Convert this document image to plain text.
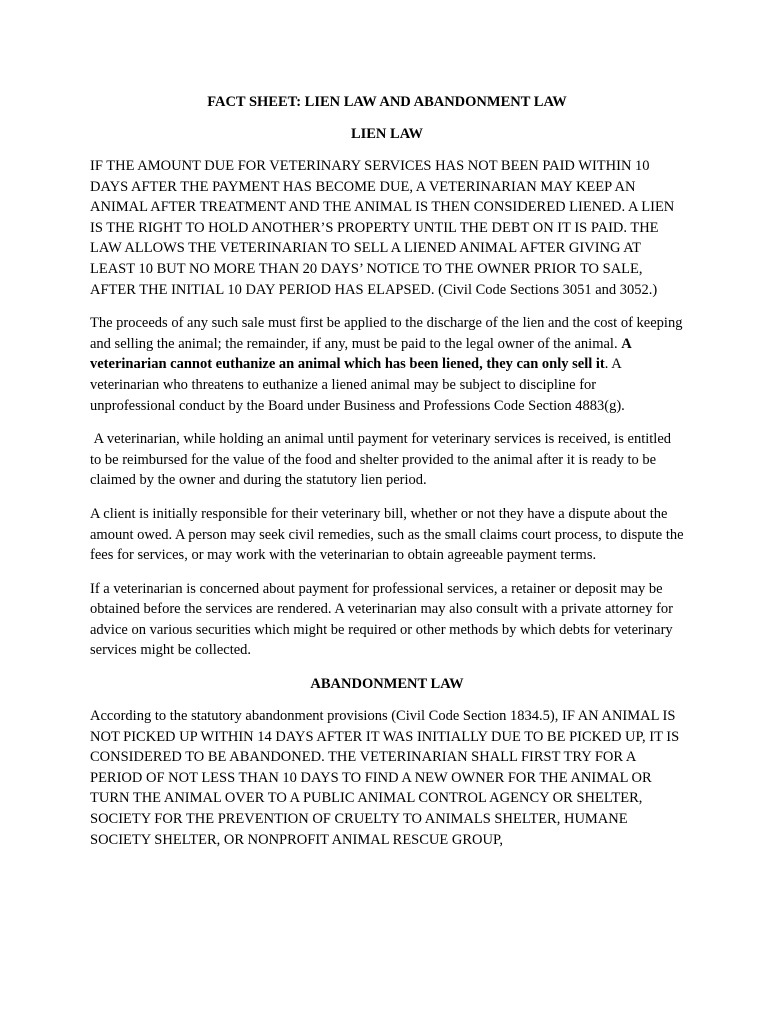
FACT SHEET: LIEN LAW AND ABANDONMENT LAW
LIEN LAW

IF THE AMOUNT DUE FOR VETERINARY SERVICES HAS NOT BEEN PAID WITHIN 10 DAYS AFTER THE PAYMENT HAS BECOME DUE, A VETERINARIAN MAY KEEP AN ANIMAL AFTER TREATMENT AND THE ANIMAL IS THEN CONSIDERED LIENED. A LIEN IS THE RIGHT TO HOLD ANOTHER’S PROPERTY UNTIL THE DEBT ON IT IS PAID. THE LAW ALLOWS THE VETERINARIAN TO SELL A LIENED ANIMAL AFTER GIVING AT LEAST 10 BUT NO MORE THAN 20 DAYS’ NOTICE TO THE OWNER PRIOR TO SALE, AFTER THE INITIAL 10 DAY PERIOD HAS ELAPSED. (Civil Code Sections 3051 and 3052.)

The proceeds of any such sale must first be applied to the discharge of the lien and the cost of keeping and selling the animal; the remainder, if any, must be paid to the legal owner of the animal. A veterinarian cannot euthanize an animal which has been liened, they can only sell it. A veterinarian who threatens to euthanize a liened animal may be subject to discipline for unprofessional conduct by the Board under Business and Professions Code Section 4883(g).

A veterinarian, while holding an animal until payment for veterinary services is received, is entitled to be reimbursed for the value of the food and shelter provided to the animal after it is ready to be claimed by the owner and during the statutory lien period.

A client is initially responsible for their veterinary bill, whether or not they have a dispute about the amount owed. A person may seek civil remedies, such as the small claims court process, to dispute the fees for services, or may work with the veterinarian to obtain agreeable payment terms.

If a veterinarian is concerned about payment for professional services, a retainer or deposit may be obtained before the services are rendered. A veterinarian may also consult with a private attorney for advice on various securities which might be required or other methods by which debts for veterinary services might be collected.

ABANDONMENT LAW

According to the statutory abandonment provisions (Civil Code Section 1834.5), IF AN ANIMAL IS NOT PICKED UP WITHIN 14 DAYS AFTER IT WAS INITIALLY DUE TO BE PICKED UP, IT IS CONSIDERED TO BE ABANDONED. THE VETERINARIAN SHALL FIRST TRY FOR A PERIOD OF NOT LESS THAN 10 DAYS TO FIND A NEW OWNER FOR THE ANIMAL OR TURN THE ANIMAL OVER TO A PUBLIC ANIMAL CONTROL AGENCY OR SHELTER, SOCIETY FOR THE PREVENTION OF CRUELTY TO ANIMALS SHELTER, HUMANE SOCIETY SHELTER, OR NONPROFIT ANIMAL RESCUE GROUP,
